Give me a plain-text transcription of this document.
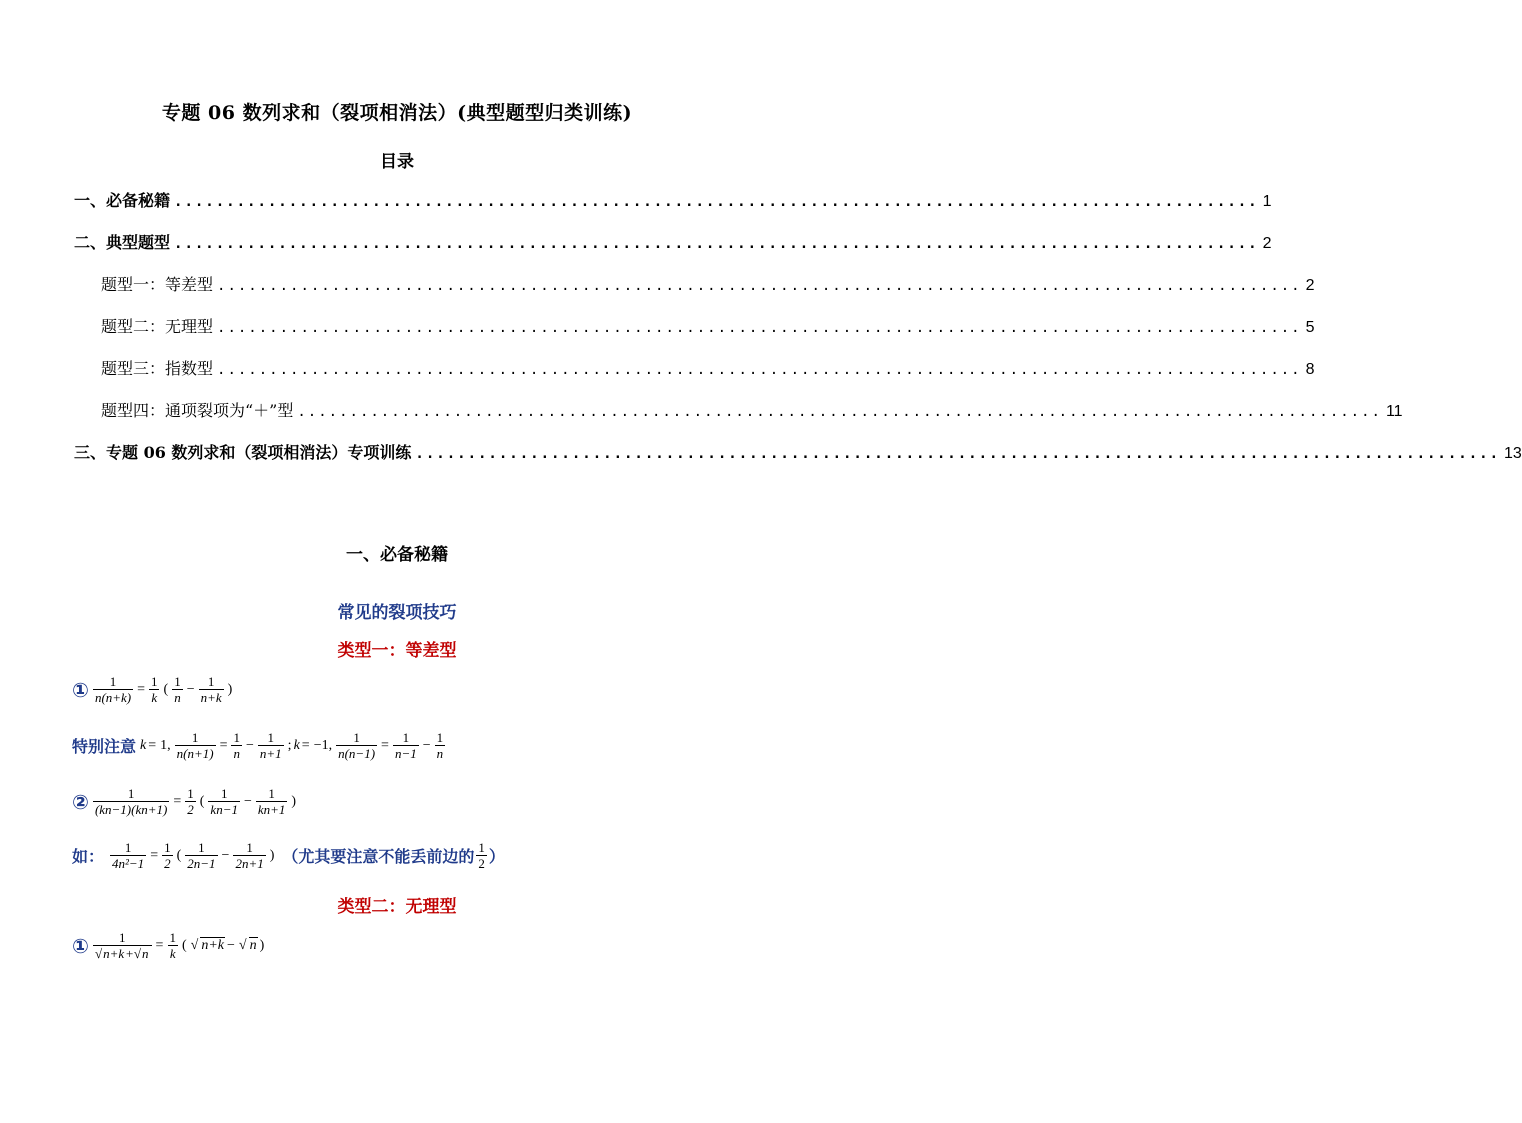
专题 06 数列求和（裂项相消法）(典型题型归类训练)
目录
一、必备秘籍 ........................................................................................................ 1
二、典型题型 ........................................................................................................ 2
题型一：等差型 ........................................................................................................ 2
题型二：无理型 ........................................................................................................ 5
题型三：指数型 ........................................................................................................ 8
题型四：通项裂项为“＋”型 ........................................................................................................ 11
三、专题 06 数列求和（裂项相消法）专项训练 ........................................................................................................ 13
一、必备秘籍
常见的裂项技巧
类型一：等差型
① $\frac{1}{n(n+k)} = \frac{1}{k}$ ( $\frac{1}{n} - \frac{1}{n+k}$ )
特别注意 k = 1, $\frac{1}{n(n+1)} = \frac{1}{n} - \frac{1}{n+1}$ ; k = −1, $\frac{1}{n(n-1)} = \frac{1}{n-1} - \frac{1}{n}$
② $\frac{1}{(kn-1)(kn+1)} = \frac{1}{2}$ ( $\frac{1}{kn-1} - \frac{1}{kn+1}$ )
如： $\frac{1}{\text{4n²−1}} = \frac{1}{2}$ ( $\frac{1}{2n-1} - \frac{1}{2n+1}$ ) （尤其要注意不能丢前边的 $\frac{1}{2}$ ）
类型二：无理型
① $\frac{1}{√n+k+√n} = \frac{1}{k}$ ( √ n+k − √ n )
